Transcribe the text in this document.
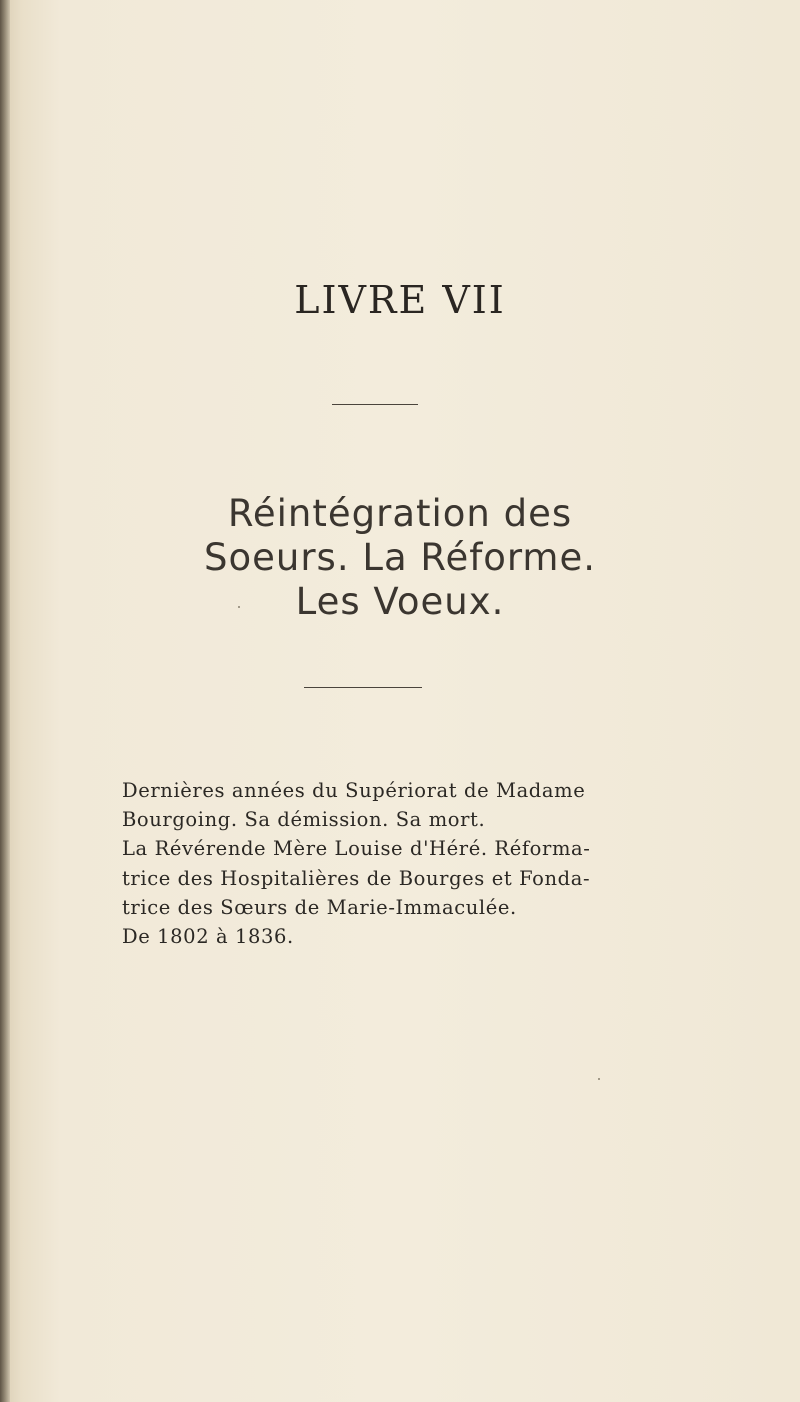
LIVRE VII
Réintégration des
Soeurs. La Réforme.
Les Voeux.
Dernières années du Supériorat de Madame
Bourgoing. Sa démission. Sa mort.
La Révérende Mère Louise d'Héré. Réforma-
trice des Hospitalières de Bourges et Fonda-
trice des Sœurs de Marie-Immaculée.
De 1802 à 1836.
